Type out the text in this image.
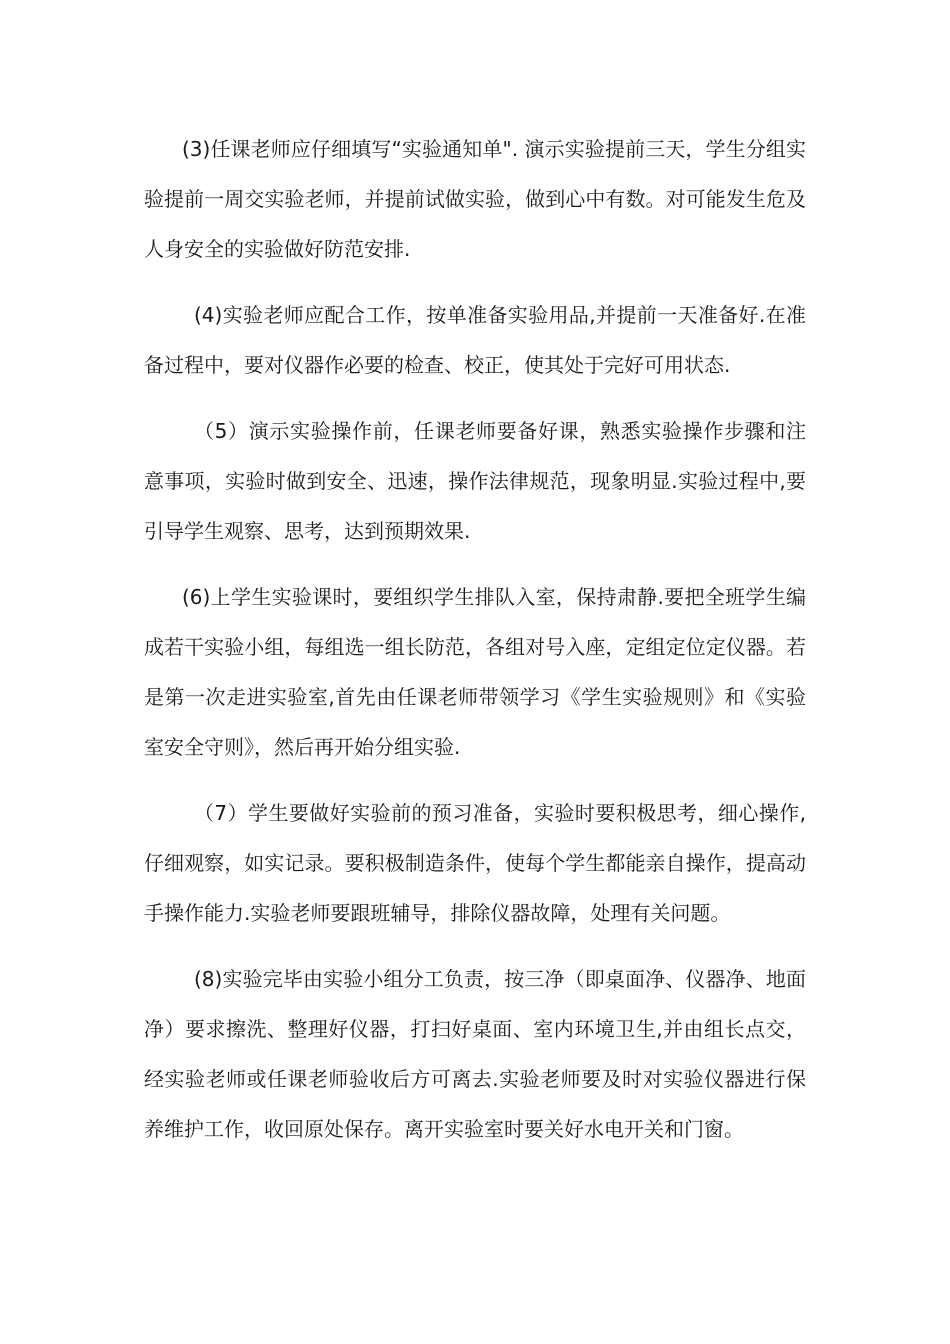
(3)任课老师应仔细填写“实验通知单". 演示实验提前三天，学生分组实验提前一周交实验老师，并提前试做实验，做到心中有数。对可能发生危及人身安全的实验做好防范安排.

(4)实验老师应配合工作，按单准备实验用品,并提前一天准备好.在准备过程中，要对仪器作必要的检查、校正，使其处于完好可用状态.

（5）演示实验操作前，任课老师要备好课，熟悉实验操作步骤和注意事项，实验时做到安全、迅速，操作法律规范，现象明显.实验过程中,要引导学生观察、思考，达到预期效果.

(6)上学生实验课时，要组织学生排队入室，保持肃静.要把全班学生编成若干实验小组，每组选一组长防范，各组对号入座，定组定位定仪器。若是第一次走进实验室,首先由任课老师带领学习《学生实验规则》和《实验室安全守则》，然后再开始分组实验.

（7）学生要做好实验前的预习准备，实验时要积极思考，细心操作,仔细观察，如实记录。要积极制造条件，使每个学生都能亲自操作，提高动手操作能力.实验老师要跟班辅导，排除仪器故障，处理有关问题。

(8)实验完毕由实验小组分工负责，按三净（即桌面净、仪器净、地面净）要求擦洗、整理好仪器，打扫好桌面、室内环境卫生,并由组长点交，经实验老师或任课老师验收后方可离去.实验老师要及时对实验仪器进行保养维护工作，收回原处保存。离开实验室时要关好水电开关和门窗。
